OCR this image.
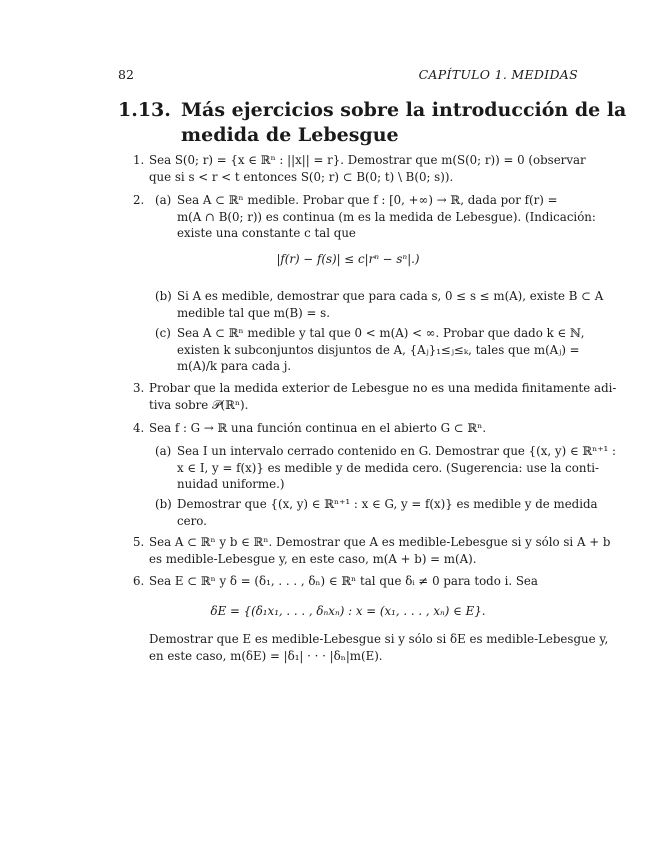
82	CAPÍTULO 1. MEDIDAS
1.13. Más ejercicios sobre la introducción de la
medida de Lebesgue
1. Sea S(0; r) = {x ∈ ℝⁿ : ||x|| = r}. Demostrar que m(S(0; r)) = 0 (observar
que si s < r < t entonces S(0; r) ⊂ B(0; t) \ B(0; s)).
2. (a) Sea A ⊂ ℝⁿ medible. Probar que f : [0, +∞) → ℝ, dada por f(r) =
m(A ∩ B(0; r)) es continua (m es la medida de Lebesgue). (Indicación:
existe una constante c tal que
|f(r) − f(s)| ≤ c|rⁿ − sⁿ|.)
(b) Si A es medible, demostrar que para cada s, 0 ≤ s ≤ m(A), existe B ⊂ A
medible tal que m(B) = s.
(c) Sea A ⊂ ℝⁿ medible y tal que 0 < m(A) < ∞. Probar que dado k ∈ ℕ,
existen k subconjuntos disjuntos de A, {Aⱼ}₁≤ⱼ≤ₖ, tales que m(Aⱼ) =
m(A)/k para cada j.
3. Probar que la medida exterior de Lebesgue no es una medida finitamente adi-
tiva sobre 𝒫(ℝⁿ).
4. Sea f : G → ℝ una función continua en el abierto G ⊂ ℝⁿ.
(a) Sea I un intervalo cerrado contenido en G. Demostrar que {(x, y) ∈ ℝⁿ⁺¹ :
x ∈ I, y = f(x)} es medible y de medida cero. (Sugerencia: use la conti-
nuidad uniforme.)
(b) Demostrar que {(x, y) ∈ ℝⁿ⁺¹ : x ∈ G, y = f(x)} es medible y de medida
cero.
5. Sea A ⊂ ℝⁿ y b ∈ ℝⁿ. Demostrar que A es medible-Lebesgue si y sólo si A + b
es medible-Lebesgue y, en este caso, m(A + b) = m(A).
6. Sea E ⊂ ℝⁿ y δ = (δ₁, . . . , δₙ) ∈ ℝⁿ tal que δᵢ ≠ 0 para todo i. Sea
δE = {(δ₁x₁, . . . , δₙxₙ) : x = (x₁, . . . , xₙ) ∈ E}.
Demostrar que E es medible-Lebesgue si y sólo si δE es medible-Lebesgue y,
en este caso, m(δE) = |δ₁| · · · |δₙ|m(E).
